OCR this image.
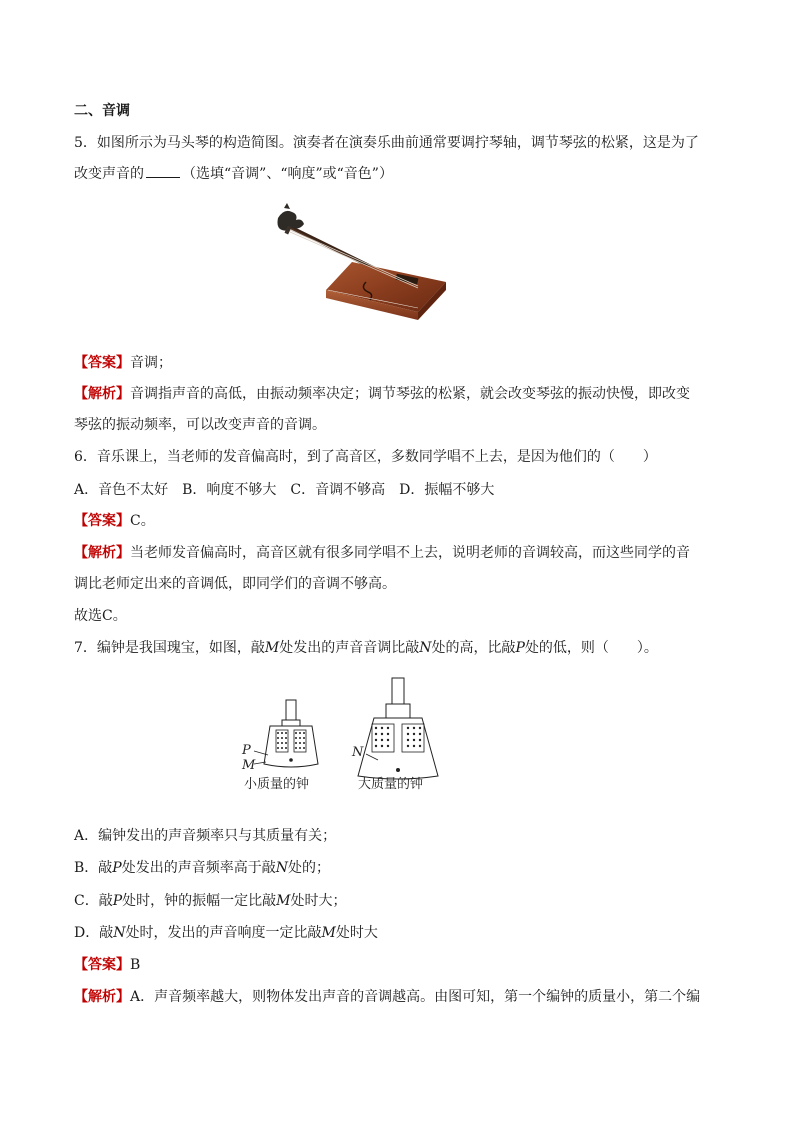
二、音调
5．如图所示为马头琴的构造简图。演奏者在演奏乐曲前通常要调拧琴轴，调节琴弦的松紧，这是为了
改变声音的	（选填“音调”、“响度”或“音色”）
【答案】音调；
【解析】音调指声音的高低，由振动频率决定；调节琴弦的松紧，就会改变琴弦的振动快慢，即改变
琴弦的振动频率，可以改变声音的音调。
6．音乐课上，当老师的发音偏高时，到了高音区，多数同学唱不上去，是因为他们的（　　）
A．音色不太好　B．响度不够大　C．音调不够高　D．振幅不够大
【答案】C。
【解析】当老师发音偏高时，高音区就有很多同学唱不上去，说明老师的音调较高，而这些同学的音
调比老师定出来的音调低，即同学们的音调不够高。
故选C。
7．编钟是我国瑰宝，如图，敲M处发出的声音音调比敲N处的高，比敲P处的低，则（　　）。
P
M
小质量的钟
N
大质量的钟
A．编钟发出的声音频率只与其质量有关；
B．敲P处发出的声音频率高于敲N处的；
C．敲P处时，钟的振幅一定比敲M处时大；
D．敲N处时，发出的声音响度一定比敲M处时大
【答案】B
【解析】A．声音频率越大，则物体发出声音的音调越高。由图可知，第一个编钟的质量小，第二个编
